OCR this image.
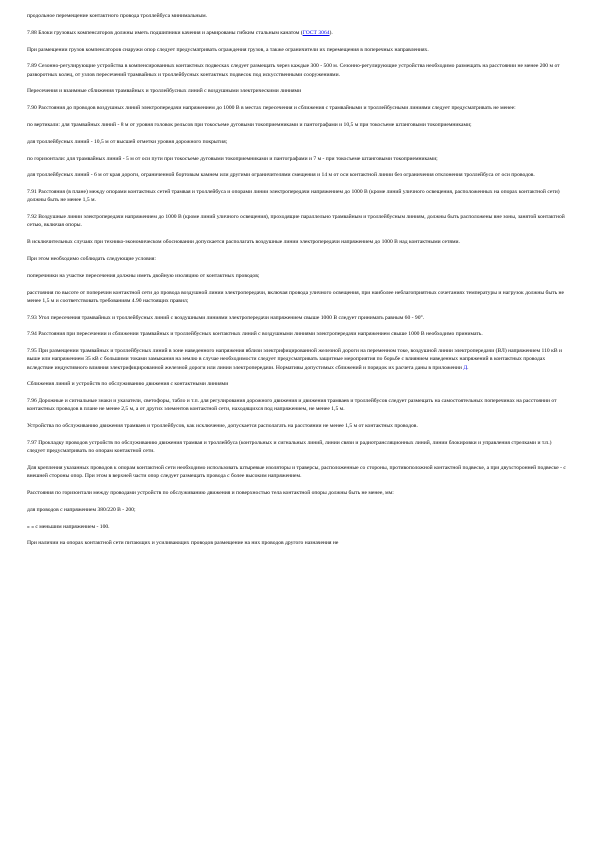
продольное перемещение контактного провода троллейбуса минимальным.

7.88 Блоки грузовых компенсаторов должны иметь подшипники качения и армированы гибким стальным канатом (ГОСТ 3064).

При размещении грузов компенсаторов снаружи опор следует предусматривать ограждения грузов, а также ограничители их перемещения в поперечных направлениях.

7.89 Сезонно-регулирующие устройства в компенсированных контактных подвесках следует размещать через каждые 300 - 500 м. Сезонно-регулирующие устройства необходимо размещать на расстоянии не менее 200 м от разворотных колец, от узлов пересечений трамвайных и троллейбусных контактных подвесок под искусственными сооружениями.

Пересечения и взаимные сближения трамвайных и троллейбусных линий с воздушными электрическими линиями

7.90 Расстояния до проводов воздушных линий электропередачи напряжением до 1000 В в местах пересечения и сближения с трамвайными и троллейбусными линиями следует предусматривать не менее:

по вертикали: для трамвайных линий - 8 м от уровня головок рельсов при токосъеме дуговыми токоприемниками и пантографами и 10,5 м при токосъеме штанговыми токоприемниками;

для троллейбусных линий - 10,5 м от высшей отметки уровня дорожного покрытия;

по горизонтали: для трамвайных линий - 5 м от оси пути при токосъеме дуговыми токоприемниками и пантографами и 7 м - при токосъеме штанговыми токоприемниками;

для троллейбусных линий - 6 м от края дороги, ограниченной бортовым камнем или другими ограничителями смещения и 14 м от оси контактной линии без ограничения отклонения троллейбуса от оси проводов.

7.91 Расстояния (в плане) между опорами контактных сетей трамвая и троллейбуса и опорами линии электропередачи напряжением до 1000 В (кроме линий уличного освещения, расположенных на опорах контактной сети) должны быть не менее 1,5 м.

7.92 Воздушные линии электропередачи напряжением до 1000 В (кроме линий уличного освещения), проходящие параллельно трамвайным и троллейбусным линиям, должны быть расположены вне зоны, занятой контактной сетью, включая опоры.

В исключительных случаях при технико-экономическом обосновании допускается располагать воздушные линии электропередачи напряжением до 1000 В над контактными сетями.

При этом необходимо соблюдать следующие условия:

поперечники на участке пересечения должны иметь двойную изоляцию от контактных проводов;

расстояния по высоте от поперечин контактной сети до провода воздушной линии электропередачи, включая провода уличного освещения, при наиболее неблагоприятных сочетаниях температуры и нагрузок должны быть не менее 1,5 м и соответствовать требованиям 4.90 настоящих правил;

7.93 Угол пересечения трамвайных и троллейбусных линий с воздушными линиями электропередачи напряжением свыше 1000 В следует принимать равным 60 - 90°.

7.94 Расстояния при пересечении и сближении трамвайных и троллейбусных контактных линий с воздушными линиями электропередачи напряжением свыше 1000 В необходимо принимать.

7.95 При размещении трамвайных и троллейбусных линий в зоне наведенного напряжения вблизи электрифицированной железной дороги на переменном токе, воздушной линии электропередачи (ВЛ) напряжением 110 кВ и выше или напряжением 35 кВ с большими токами замыкания на землю в случае необходимости следует предусматривать защитные мероприятия по борьбе с влиянием наведенных напряжений в контактных проводах вследствие индуктивного влияния электрифицированной железной дороги или линии электропередачи. Нормативы допустимых сближений и порядок их расчета даны в приложении Д.

Сближения линий и устройств по обслуживанию движения с контактными линиями

7.96 Дорожные и сигнальные знаки и указатели, светофоры, табло и т.п. для регулирования дорожного движения и движения трамваев и троллейбусов следует размещать на самостоятельных поперечинах на расстоянии от контактных проводов в плане не менее 2,5 м, а от других элементов контактной сети, находящихся под напряжением, не менее 1,5 м.

Устройства по обслуживанию движения трамваев и троллейбусов, как исключение, допускается располагать на расстоянии не менее 1,5 м от контактных проводов.

7.97 Прокладку проводов устройств по обслуживанию движения трамвая и троллейбуса (контрольных и сигнальных линий, линии связи и радиотрансляционных линий, линии блокировки и управления стрелками и т.п.) следует предусматривать по опорам контактной сети.

Для крепления указанных проводов к опорам контактной сети необходимо использовать штыревые изоляторы и траверсы, расположенные со стороны, противоположной контактной подвеске, а при двухсторонней подвеске - с внешней стороны опор. При этом в верхней части опор следует размещать провода с более высоким напряжением.

Расстояния по горизонтали между проводами устройств по обслуживанию движения и поверхностью тела контактной опоры должны быть не менее, мм:

для проводов с напряжением 380/220 В - 200;

» » с меньшим напряжением - 100.

При наличии на опорах контактной сети питающих и усиливающих проводов размещение на них проводов другого назначения не
